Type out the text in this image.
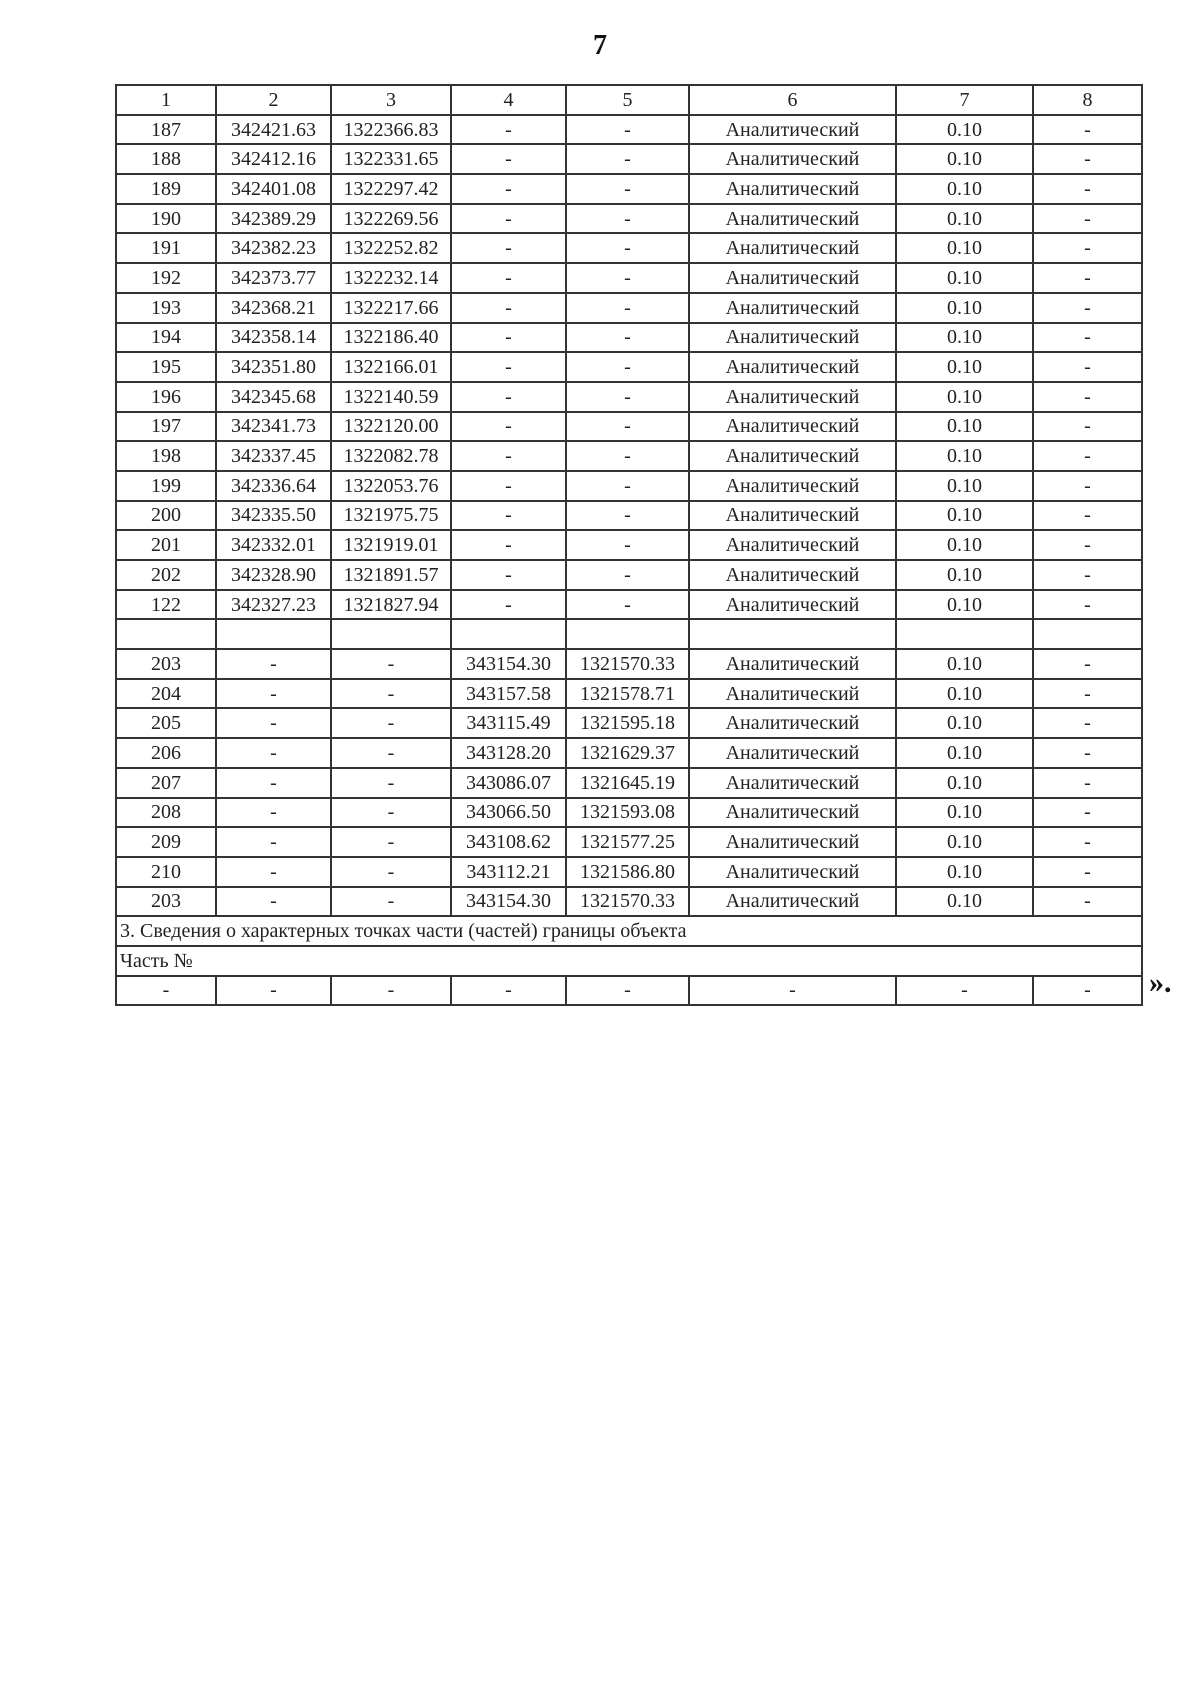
7
1	2	3	4	5	6	7	8
187	342421.63	1322366.83	-	-	Аналитический	0.10	-
188	342412.16	1322331.65	-	-	Аналитический	0.10	-
189	342401.08	1322297.42	-	-	Аналитический	0.10	-
190	342389.29	1322269.56	-	-	Аналитический	0.10	-
191	342382.23	1322252.82	-	-	Аналитический	0.10	-
192	342373.77	1322232.14	-	-	Аналитический	0.10	-
193	342368.21	1322217.66	-	-	Аналитический	0.10	-
194	342358.14	1322186.40	-	-	Аналитический	0.10	-
195	342351.80	1322166.01	-	-	Аналитический	0.10	-
196	342345.68	1322140.59	-	-	Аналитический	0.10	-
197	342341.73	1322120.00	-	-	Аналитический	0.10	-
198	342337.45	1322082.78	-	-	Аналитический	0.10	-
199	342336.64	1322053.76	-	-	Аналитический	0.10	-
200	342335.50	1321975.75	-	-	Аналитический	0.10	-
201	342332.01	1321919.01	-	-	Аналитический	0.10	-
202	342328.90	1321891.57	-	-	Аналитический	0.10	-
122	342327.23	1321827.94	-	-	Аналитический	0.10	-

203	-	-	343154.30	1321570.33	Аналитический	0.10	-
204	-	-	343157.58	1321578.71	Аналитический	0.10	-
205	-	-	343115.49	1321595.18	Аналитический	0.10	-
206	-	-	343128.20	1321629.37	Аналитический	0.10	-
207	-	-	343086.07	1321645.19	Аналитический	0.10	-
208	-	-	343066.50	1321593.08	Аналитический	0.10	-
209	-	-	343108.62	1321577.25	Аналитический	0.10	-
210	-	-	343112.21	1321586.80	Аналитический	0.10	-
203	-	-	343154.30	1321570.33	Аналитический	0.10	-
3. Сведения о характерных точках части (частей) границы объекта							
Часть №							
-	-	-	-	-	-	-	- ».
